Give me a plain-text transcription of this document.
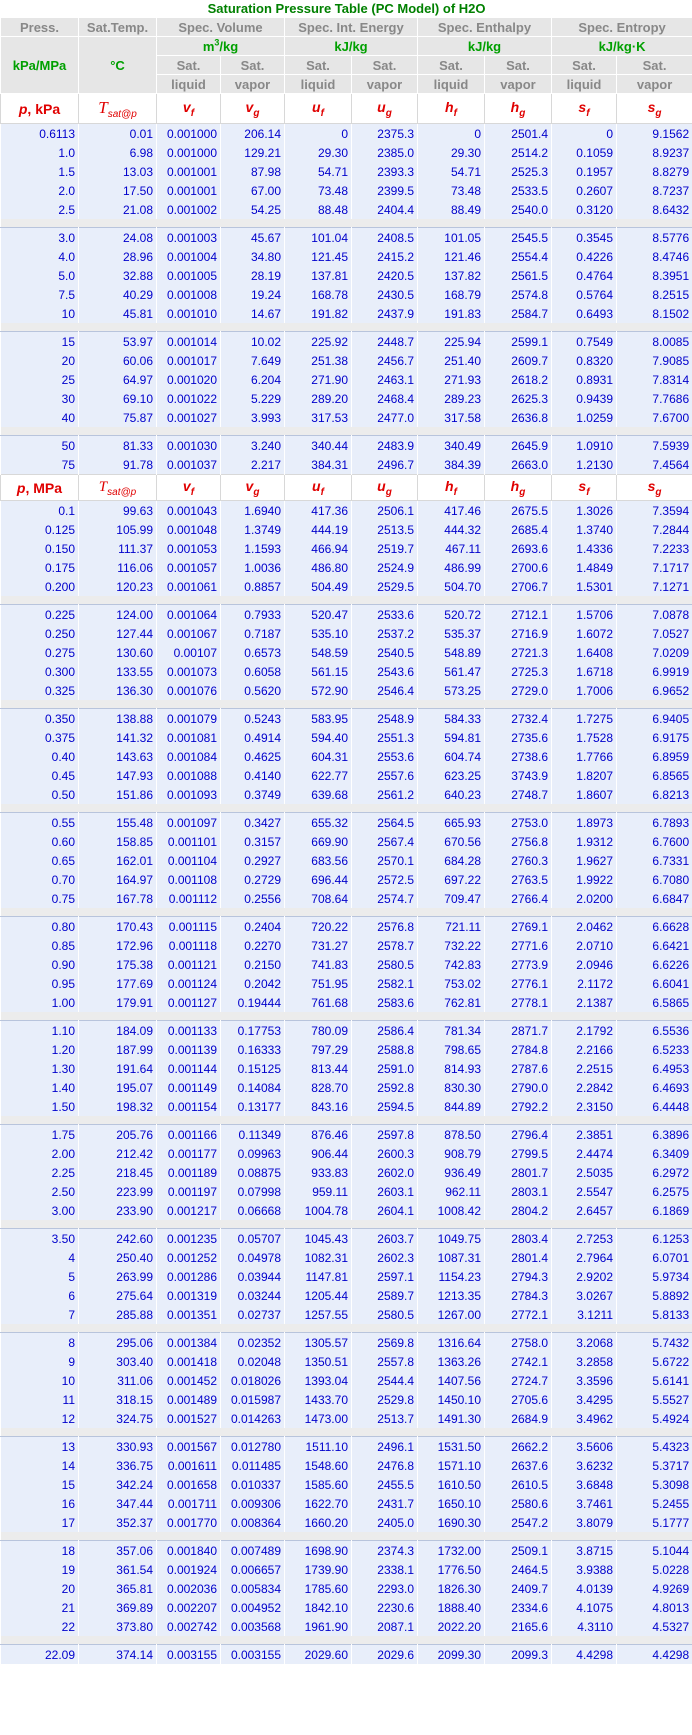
Saturation Pressure Table (PC Model) of H2O									
Press.	Sat.Temp.	Spec. Volume		Spec. Int. Energy		Spec. Enthalpy		Spec. Entropy	
kPa/MPa	°C	$m^3/kg$		kJ/kg		kJ/kg		kJ/kg·K	
		Sat.	Sat.	Sat.	Sat.	Sat.	Sat.	Sat.	Sat.
		liquid	vapor	liquid	vapor	liquid	vapor	liquid	vapor
p, kPa	$T_{sat@p}$	$v_f$	$v_g$	$u_f$	$u_g$	$h_f$	$h_g$	$s_f$	$s_g$
0.6113	0.01	0.001000	206.14	0	2375.3	0	2501.4	0	9.1562
1.0	6.98	0.001000	129.21	29.30	2385.0	29.30	2514.2	0.1059	8.9237
1.5	13.03	0.001001	87.98	54.71	2393.3	54.71	2525.3	0.1957	8.8279
2.0	17.50	0.001001	67.00	73.48	2399.5	73.48	2533.5	0.2607	8.7237
2.5	21.08	0.001002	54.25	88.48	2404.4	88.49	2540.0	0.3120	8.6432

3.0	24.08	0.001003	45.67	101.04	2408.5	101.05	2545.5	0.3545	8.5776
4.0	28.96	0.001004	34.80	121.45	2415.2	121.46	2554.4	0.4226	8.4746
5.0	32.88	0.001005	28.19	137.81	2420.5	137.82	2561.5	0.4764	8.3951
7.5	40.29	0.001008	19.24	168.78	2430.5	168.79	2574.8	0.5764	8.2515
10	45.81	0.001010	14.67	191.82	2437.9	191.83	2584.7	0.6493	8.1502

15	53.97	0.001014	10.02	225.92	2448.7	225.94	2599.1	0.7549	8.0085
20	60.06	0.001017	7.649	251.38	2456.7	251.40	2609.7	0.8320	7.9085
25	64.97	0.001020	6.204	271.90	2463.1	271.93	2618.2	0.8931	7.8314
30	69.10	0.001022	5.229	289.20	2468.4	289.23	2625.3	0.9439	7.7686
40	75.87	0.001027	3.993	317.53	2477.0	317.58	2636.8	1.0259	7.6700

50	81.33	0.001030	3.240	340.44	2483.9	340.49	2645.9	1.0910	7.5939
75	91.78	0.001037	2.217	384.31	2496.7	384.39	2663.0	1.2130	7.4564
p, MPa	$T_{sat@p}$	$v_f$	$v_g$	$u_f$	$u_g$	$h_f$	$h_g$	$s_f$	$s_g$
0.1	99.63	0.001043	1.6940	417.36	2506.1	417.46	2675.5	1.3026	7.3594
0.125	105.99	0.001048	1.3749	444.19	2513.5	444.32	2685.4	1.3740	7.2844
0.150	111.37	0.001053	1.1593	466.94	2519.7	467.11	2693.6	1.4336	7.2233
0.175	116.06	0.001057	1.0036	486.80	2524.9	486.99	2700.6	1.4849	7.1717
0.200	120.23	0.001061	0.8857	504.49	2529.5	504.70	2706.7	1.5301	7.1271

0.225	124.00	0.001064	0.7933	520.47	2533.6	520.72	2712.1	1.5706	7.0878
0.250	127.44	0.001067	0.7187	535.10	2537.2	535.37	2716.9	1.6072	7.0527
0.275	130.60	0.00107	0.6573	548.59	2540.5	548.89	2721.3	1.6408	7.0209
0.300	133.55	0.001073	0.6058	561.15	2543.6	561.47	2725.3	1.6718	6.9919
0.325	136.30	0.001076	0.5620	572.90	2546.4	573.25	2729.0	1.7006	6.9652

0.350	138.88	0.001079	0.5243	583.95	2548.9	584.33	2732.4	1.7275	6.9405
0.375	141.32	0.001081	0.4914	594.40	2551.3	594.81	2735.6	1.7528	6.9175
0.40	143.63	0.001084	0.4625	604.31	2553.6	604.74	2738.6	1.7766	6.8959
0.45	147.93	0.001088	0.4140	622.77	2557.6	623.25	3743.9	1.8207	6.8565
0.50	151.86	0.001093	0.3749	639.68	2561.2	640.23	2748.7	1.8607	6.8213

0.55	155.48	0.001097	0.3427	655.32	2564.5	665.93	2753.0	1.8973	6.7893
0.60	158.85	0.001101	0.3157	669.90	2567.4	670.56	2756.8	1.9312	6.7600
0.65	162.01	0.001104	0.2927	683.56	2570.1	684.28	2760.3	1.9627	6.7331
0.70	164.97	0.001108	0.2729	696.44	2572.5	697.22	2763.5	1.9922	6.7080
0.75	167.78	0.001112	0.2556	708.64	2574.7	709.47	2766.4	2.0200	6.6847

0.80	170.43	0.001115	0.2404	720.22	2576.8	721.11	2769.1	2.0462	6.6628
0.85	172.96	0.001118	0.2270	731.27	2578.7	732.22	2771.6	2.0710	6.6421
0.90	175.38	0.001121	0.2150	741.83	2580.5	742.83	2773.9	2.0946	6.6226
0.95	177.69	0.001124	0.2042	751.95	2582.1	753.02	2776.1	2.1172	6.6041
1.00	179.91	0.001127	0.19444	761.68	2583.6	762.81	2778.1	2.1387	6.5865

1.10	184.09	0.001133	0.17753	780.09	2586.4	781.34	2871.7	2.1792	6.5536
1.20	187.99	0.001139	0.16333	797.29	2588.8	798.65	2784.8	2.2166	6.5233
1.30	191.64	0.001144	0.15125	813.44	2591.0	814.93	2787.6	2.2515	6.4953
1.40	195.07	0.001149	0.14084	828.70	2592.8	830.30	2790.0	2.2842	6.4693
1.50	198.32	0.001154	0.13177	843.16	2594.5	844.89	2792.2	2.3150	6.4448

1.75	205.76	0.001166	0.11349	876.46	2597.8	878.50	2796.4	2.3851	6.3896
2.00	212.42	0.001177	0.09963	906.44	2600.3	908.79	2799.5	2.4474	6.3409
2.25	218.45	0.001189	0.08875	933.83	2602.0	936.49	2801.7	2.5035	6.2972
2.50	223.99	0.001197	0.07998	959.11	2603.1	962.11	2803.1	2.5547	6.2575
3.00	233.90	0.001217	0.06668	1004.78	2604.1	1008.42	2804.2	2.6457	6.1869

3.50	242.60	0.001235	0.05707	1045.43	2603.7	1049.75	2803.4	2.7253	6.1253
4	250.40	0.001252	0.04978	1082.31	2602.3	1087.31	2801.4	2.7964	6.0701
5	263.99	0.001286	0.03944	1147.81	2597.1	1154.23	2794.3	2.9202	5.9734
6	275.64	0.001319	0.03244	1205.44	2589.7	1213.35	2784.3	3.0267	5.8892
7	285.88	0.001351	0.02737	1257.55	2580.5	1267.00	2772.1	3.1211	5.8133

8	295.06	0.001384	0.02352	1305.57	2569.8	1316.64	2758.0	3.2068	5.7432
9	303.40	0.001418	0.02048	1350.51	2557.8	1363.26	2742.1	3.2858	5.6722
10	311.06	0.001452	0.018026	1393.04	2544.4	1407.56	2724.7	3.3596	5.6141
11	318.15	0.001489	0.015987	1433.70	2529.8	1450.10	2705.6	3.4295	5.5527
12	324.75	0.001527	0.014263	1473.00	2513.7	1491.30	2684.9	3.4962	5.4924

13	330.93	0.001567	0.012780	1511.10	2496.1	1531.50	2662.2	3.5606	5.4323
14	336.75	0.001611	0.011485	1548.60	2476.8	1571.10	2637.6	3.6232	5.3717
15	342.24	0.001658	0.010337	1585.60	2455.5	1610.50	2610.5	3.6848	5.3098
16	347.44	0.001711	0.009306	1622.70	2431.7	1650.10	2580.6	3.7461	5.2455
17	352.37	0.001770	0.008364	1660.20	2405.0	1690.30	2547.2	3.8079	5.1777

18	357.06	0.001840	0.007489	1698.90	2374.3	1732.00	2509.1	3.8715	5.1044
19	361.54	0.001924	0.006657	1739.90	2338.1	1776.50	2464.5	3.9388	5.0228
20	365.81	0.002036	0.005834	1785.60	2293.0	1826.30	2409.7	4.0139	4.9269
21	369.89	0.002207	0.004952	1842.10	2230.6	1888.40	2334.6	4.1075	4.8013
22	373.80	0.002742	0.003568	1961.90	2087.1	2022.20	2165.6	4.3110	4.5327

22.09	374.14	0.003155	0.003155	2029.60	2029.6	2099.30	2099.3	4.4298	4.4298
